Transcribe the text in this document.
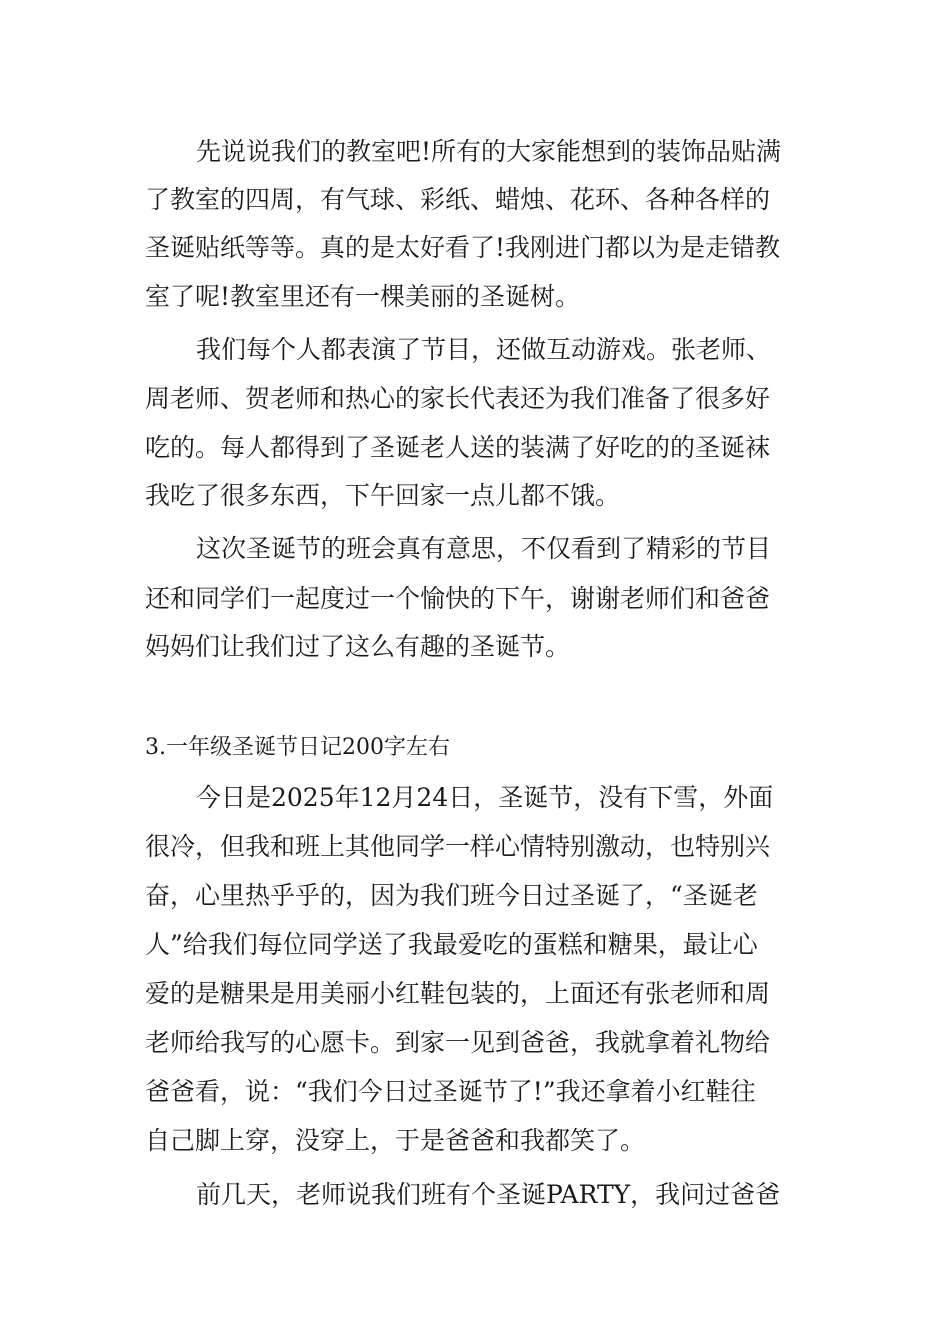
先说说我们的教室吧!所有的大家能想到的装饰品贴满
了教室的四周，有气球、彩纸、蜡烛、花环、各种各样的
圣诞贴纸等等。真的是太好看了!我刚进门都以为是走错教
室了呢!教室里还有一棵美丽的圣诞树。
我们每个人都表演了节目，还做互动游戏。张老师、
周老师、贺老师和热心的家长代表还为我们准备了很多好
吃的。每人都得到了圣诞老人送的装满了好吃的的圣诞袜
我吃了很多东西，下午回家一点儿都不饿。
这次圣诞节的班会真有意思，不仅看到了精彩的节目
还和同学们一起度过一个愉快的下午，谢谢老师们和爸爸
妈妈们让我们过了这么有趣的圣诞节。
3.一年级圣诞节日记200字左右
今日是2025年12月24日，圣诞节，没有下雪，外面
很冷，但我和班上其他同学一样心情特别激动，也特别兴
奋，心里热乎乎的，因为我们班今日过圣诞了，“圣诞老
人”给我们每位同学送了我最爱吃的蛋糕和糖果，最让心
爱的是糖果是用美丽小红鞋包装的，上面还有张老师和周
老师给我写的心愿卡。到家一见到爸爸，我就拿着礼物给
爸爸看，说：“我们今日过圣诞节了!”我还拿着小红鞋往
自己脚上穿，没穿上，于是爸爸和我都笑了。
前几天，老师说我们班有个圣诞PARTY，我问过爸爸
